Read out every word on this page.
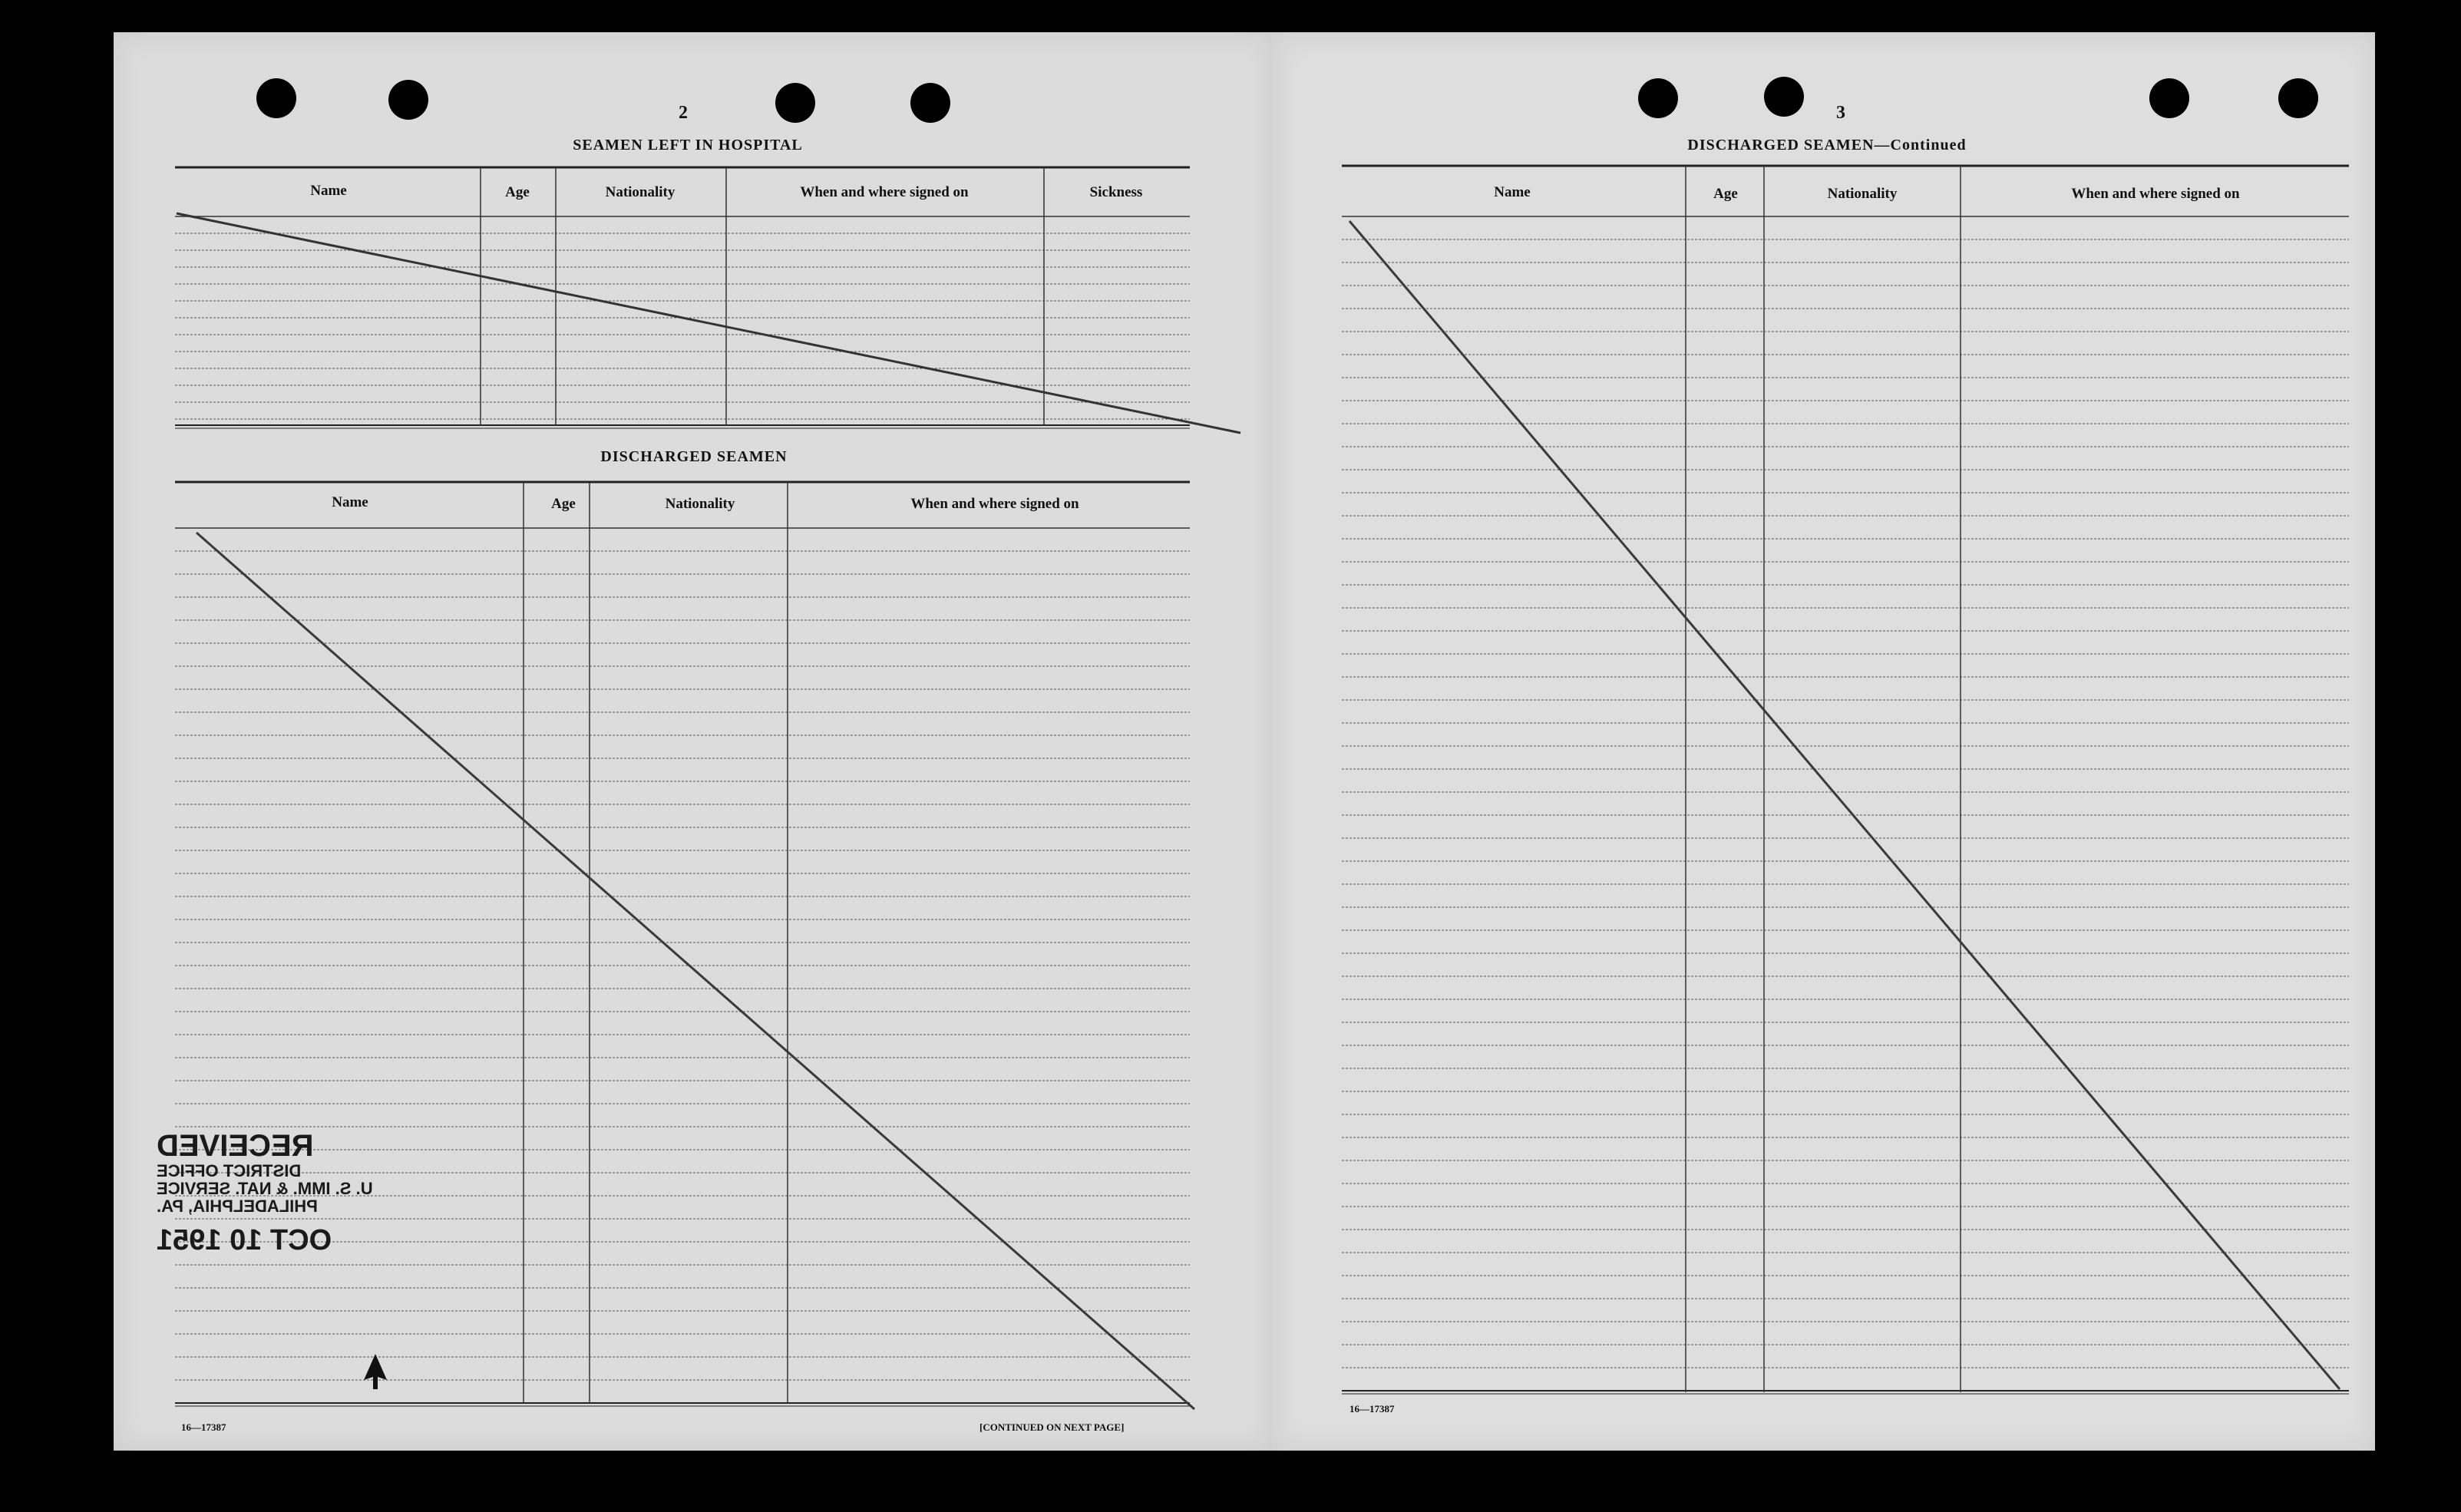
2
SEAMEN LEFT IN HOSPITAL
Name	Age	Nationality	When and where signed on	Sickness
DISCHARGED SEAMEN
Name	Age	Nationality	When and where signed on
RECEIVED
DISTRICT OFFICE
U. S. IMM. & NAT. SERVICE
PHILADELPHIA, PA.
OCT 10 1951
16—17387	[CONTINUED ON NEXT PAGE]
3
DISCHARGED SEAMEN—Continued
Name	Age	Nationality	When and where signed on
16—17387
